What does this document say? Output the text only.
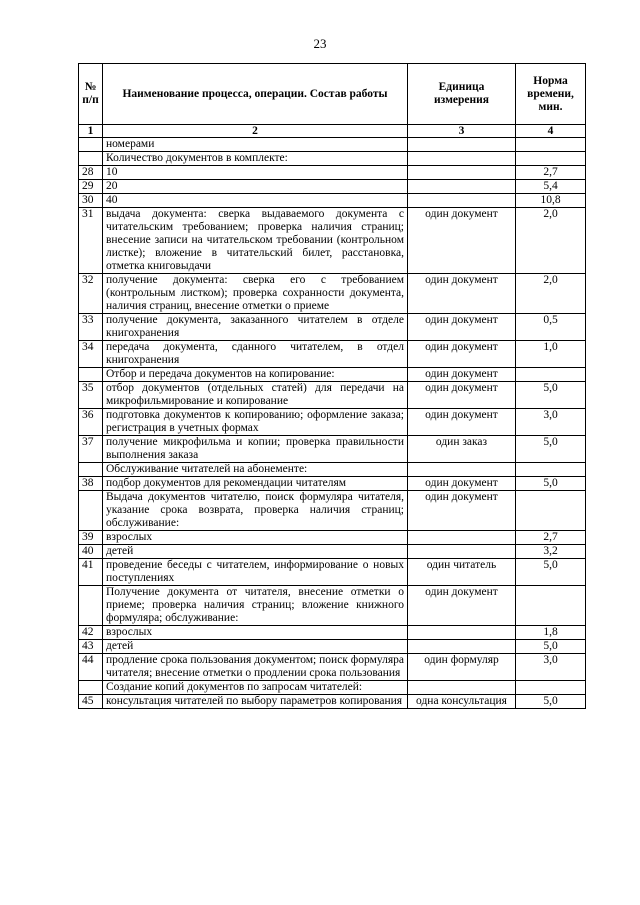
23
№ п/п	Наименование процесса, операции. Состав работы	Единица измерения	Норма времени, мин.
1	2	3	4
	номерами		
	Количество документов в комплекте:		
28	10		2,7
29	20		5,4
30	40		10,8
31	выдача документа: сверка выдаваемого документа с читательским требованием; проверка наличия страниц; внесение записи на читательском требовании (контрольном листке); вложение в читательский билет, расстановка, отметка книговыдачи	один документ	2,0
32	получение документа: сверка его с требованием (контрольным листком); проверка сохранности документа, наличия страниц, внесение отметки о приеме	один документ	2,0
33	получение документа, заказанного читателем в отделе книгохранения	один документ	0,5
34	передача документа, сданного читателем, в отдел книгохранения	один документ	1,0
	Отбор и передача документов на копирование:	один документ	
35	отбор документов (отдельных статей) для передачи на микрофильмирование и копирование	один документ	5,0
36	подготовка документов к копированию; оформление заказа; регистрация в учетных формах	один документ	3,0
37	получение микрофильма и копии; проверка правильности выполнения заказа	один заказ	5,0
	Обслуживание читателей на абонементе:		
38	подбор документов для рекомендации читателям	один документ	5,0
	Выдача документов читателю, поиск формуляра читателя, указание срока возврата, проверка наличия страниц; обслуживание:	один документ	
39	взрослых		2,7
40	детей		3,2
41	проведение беседы с читателем, информирование о новых поступлениях	один читатель	5,0
	Получение документа от читателя, внесение отметки о приеме; проверка наличия страниц; вложение книжного формуляра; обслуживание:	один документ	
42	взрослых		1,8
43	детей		5,0
44	продление срока пользования документом; поиск формуляра читателя; внесение отметки о продлении срока пользования	один формуляр	3,0
	Создание копий документов по запросам читателей:		
45	консультация читателей по выбору параметров копирования	одна консультация	5,0
